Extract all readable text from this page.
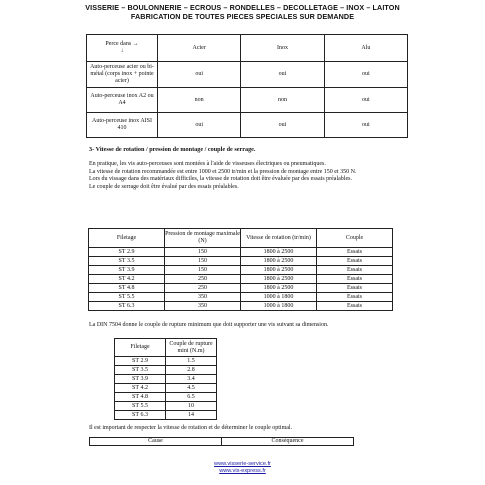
VISSERIE – BOULONNERIE – ECROUS – RONDELLES – DECOLLETAGE – INOX – LAITON
FABRICATION DE TOUTES PIECES SPECIALES SUR DEMANDE
Perce dans →
↓	Acier	Inox	Alu
Auto-perceuse acier ou bi-métal (corps inox + pointe acier)	oui	oui	oui
Auto-perceuse inox A2 ou A4	non	non	oui
Auto-perceuse inox AISI 410	oui	oui	oui
3- Vitesse de rotation / pression de montage / couple de serrage.

En pratique, les vis auto-perceuses sont montées à l'aide de visseuses électriques ou pneumatiques.

La vitesse de rotation recommandée est entre 1000 et 2500 tr/min et la pression de montage entre 150 et 350 N.

Lors du vissage dans des matériaux difficiles, la vitesse de rotation doit être évaluée par des essais préalables.

Le couple de serrage doit être évalué par des essais préalables.

Filetage	Pression de montage maximale (N)	Vitesse de rotation (tr/min)	Couple
ST 2.9	150	1800 à 2500	Essais
ST 3.5	150	1800 à 2500	Essais
ST 3.9	150	1800 à 2500	Essais
ST 4.2	250	1800 à 2500	Essais
ST 4.8	250	1800 à 2500	Essais
ST 5.5	350	1000 à 1800	Essais
ST 6.3	350	1000 à 1800	Essais
La DIN 7504 donne le couple de rupture minimum que doit supporter une vis suivant sa dimension.
Filetage	Couple de rupture mini (N.m)
ST 2.9	1.5
ST 3.5	2.8
ST 3.9	3.4
ST 4.2	4.5
ST 4.8	6.5
ST 5.5	10
ST 6.3	14
Il est important de respecter la vitesse de rotation et de déterminer le couple optimal.
Cause	Conséquence
www.visserie-service.fr
www.vis-express.fr
